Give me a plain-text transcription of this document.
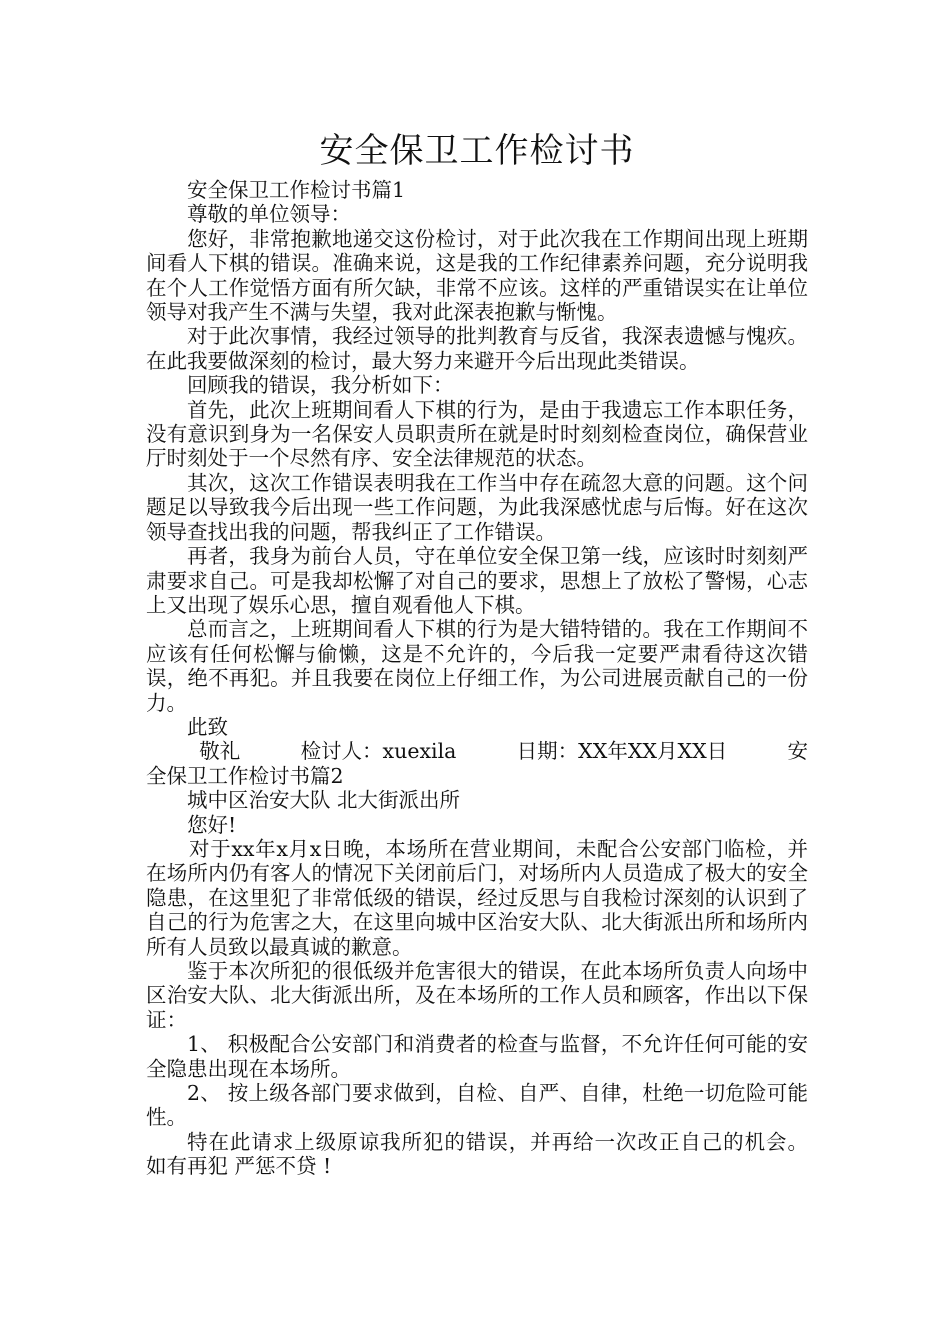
安全保卫工作检讨书

安全保卫工作检讨书篇1

尊敬的单位领导：

您好，非常抱歉地递交这份检讨，对于此次我在工作期间出现上班期间看人下棋的错误。准确来说，这是我的工作纪律素养问题，充分说明我在个人工作觉悟方面有所欠缺，非常不应该。这样的严重错误实在让单位领导对我产生不满与失望，我对此深表抱歉与惭愧。

对于此次事情，我经过领导的批判教育与反省，我深表遗憾与愧疚。在此我要做深刻的检讨，最大努力来避开今后出现此类错误。

回顾我的错误，我分析如下：

首先，此次上班期间看人下棋的行为，是由于我遗忘工作本职任务，没有意识到身为一名保安人员职责所在就是时时刻刻检查岗位，确保营业厅时刻处于一个尽然有序、安全法律规范的状态。

其次，这次工作错误表明我在工作当中存在疏忽大意的问题。这个问题足以导致我今后出现一些工作问题，为此我深感忧虑与后悔。好在这次领导查找出我的问题，帮我纠正了工作错误。

再者，我身为前台人员，守在单位安全保卫第一线，应该时时刻刻严肃要求自己。可是我却松懈了对自己的要求，思想上了放松了警惕，心志上又出现了娱乐心思，擅自观看他人下棋。

总而言之，上班期间看人下棋的行为是大错特错的。我在工作期间不应该有任何松懈与偷懒，这是不允许的，今后我一定要严肃看待这次错误，绝不再犯。并且我要在岗位上仔细工作，为公司进展贡献自己的一份力。

此致

敬礼	检讨人：xuexila	日期：XX年XX月XX日	安

全保卫工作检讨书篇2

城中区治安大队 北大街派出所

您好!

对于xx年x月x日晚，本场所在营业期间，未配合公安部门临检，并在场所内仍有客人的情况下关闭前后门，对场所内人员造成了极大的安全隐患，在这里犯了非常低级的错误，经过反思与自我检讨深刻的认识到了自己的行为危害之大，在这里向城中区治安大队、北大街派出所和场所内所有人员致以最真诚的歉意。

鉴于本次所犯的很低级并危害很大的错误，在此本场所负责人向场中区治安大队、北大街派出所，及在本场所的工作人员和顾客，作出以下保证：

1、 积极配合公安部门和消费者的检查与监督，不允许任何可能的安全隐患出现在本场所。

2、 按上级各部门要求做到，自检、自严、自律，杜绝一切危险可能性。

特在此请求上级原谅我所犯的错误，并再给一次改正自己的机会。 如有再犯 严惩不贷 !
